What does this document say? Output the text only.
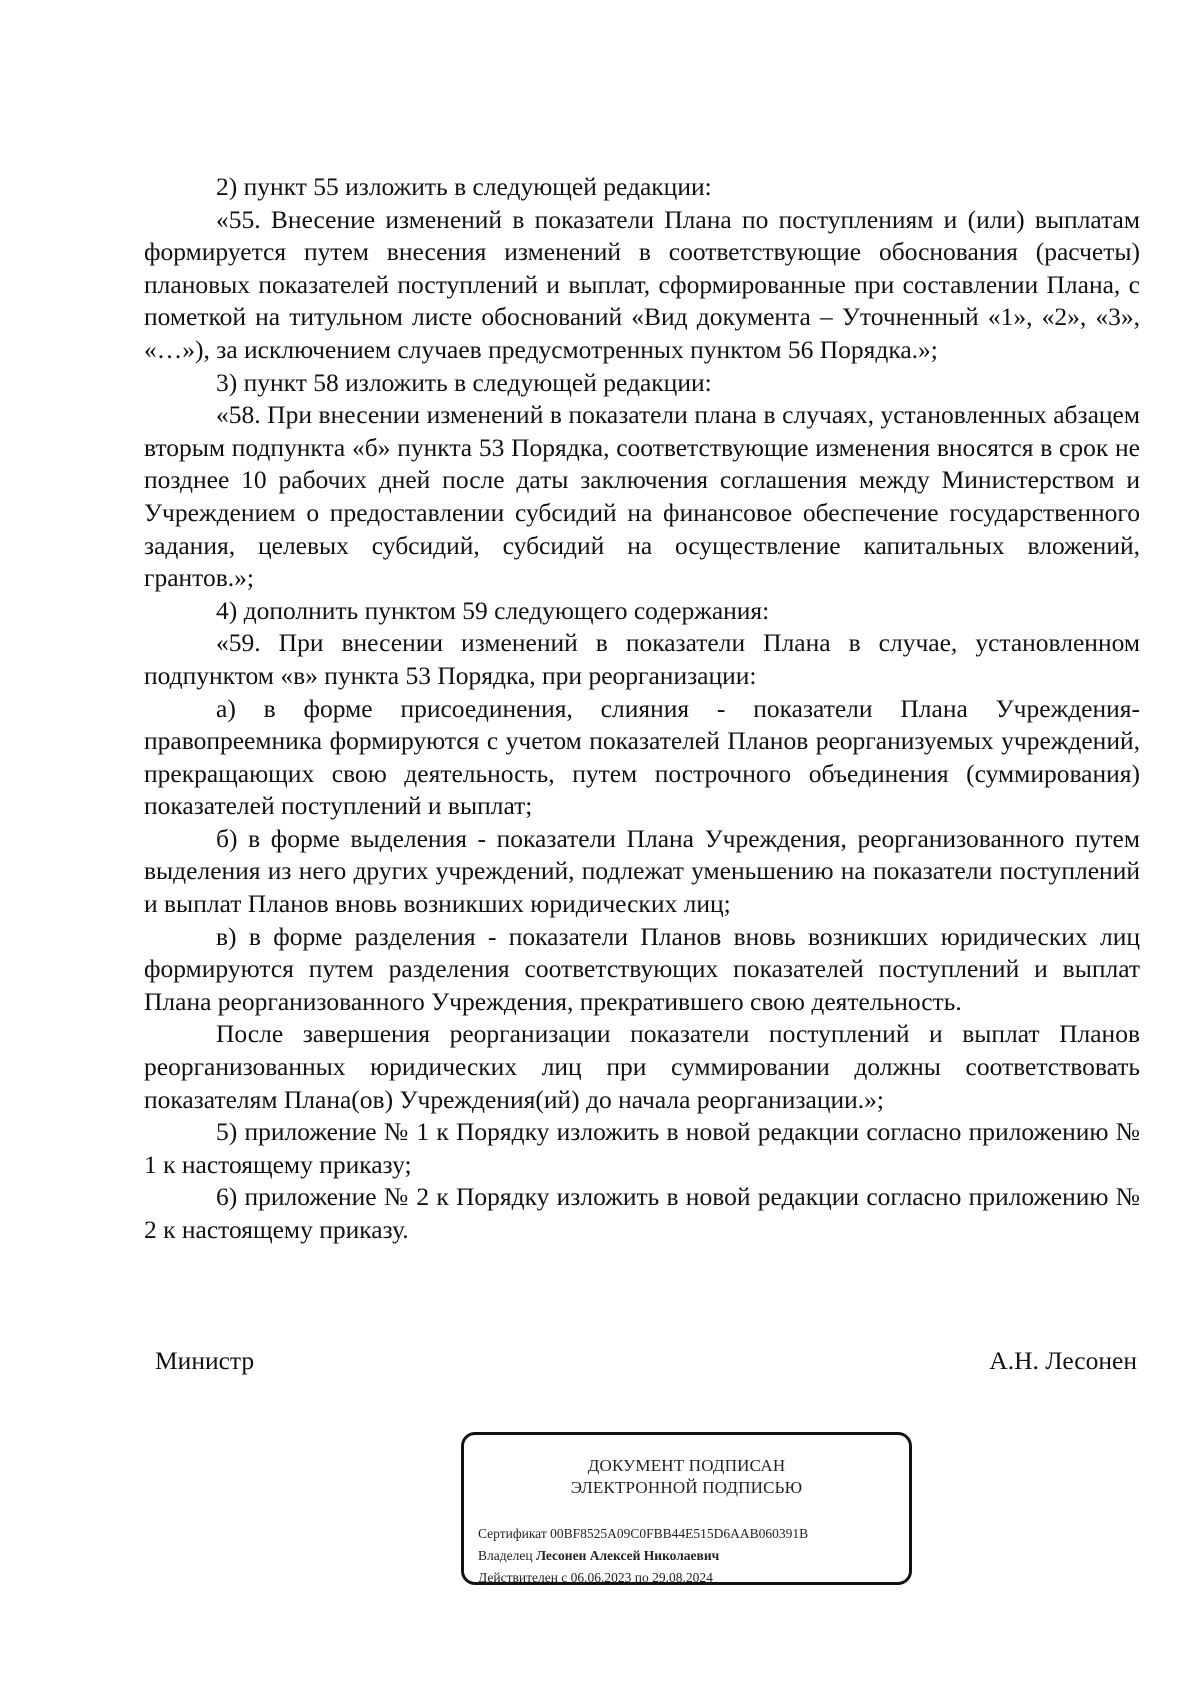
2) пункт 55 изложить в следующей редакции:

«55. Внесение изменений в показатели Плана по поступлениям и (или) выплатам формируется путем внесения изменений в соответствующие обоснования (расчеты) плановых показателей поступлений и выплат, сформированные при составлении Плана, с пометкой на титульном листе обоснований «Вид документа – Уточненный «1», «2», «3», «…»), за исключением случаев предусмотренных пунктом 56 Порядка.»;

3) пункт 58 изложить в следующей редакции:

«58. При внесении изменений в показатели плана в случаях, установленных абзацем вторым подпункта «б» пункта 53 Порядка, соответствующие изменения вносятся в срок не позднее 10 рабочих дней после даты заключения соглашения между Министерством и Учреждением о предоставлении субсидий на финансовое обеспечение государственного задания, целевых субсидий, субсидий на осуществление капитальных вложений, грантов.»;

4) дополнить пунктом 59 следующего содержания:

«59. При внесении изменений в показатели Плана в случае, установленном подпунктом «в» пункта 53 Порядка, при реорганизации:

а) в форме присоединения, слияния - показатели Плана Учреждения-правопреемника формируются с учетом показателей Планов реорганизуемых учреждений, прекращающих свою деятельность, путем построчного объединения (суммирования) показателей поступлений и выплат;

б) в форме выделения - показатели Плана Учреждения, реорганизованного путем выделения из него других учреждений, подлежат уменьшению на показатели поступлений и выплат Планов вновь возникших юридических лиц;

в) в форме разделения - показатели Планов вновь возникших юридических лиц формируются путем разделения соответствующих показателей поступлений и выплат Плана реорганизованного Учреждения, прекратившего свою деятельность.

После завершения реорганизации показатели поступлений и выплат Планов реорганизованных юридических лиц при суммировании должны соответствовать показателям Плана(ов) Учреждения(ий) до начала реорганизации.»;

5) приложение № 1 к Порядку изложить в новой редакции согласно приложению № 1 к настоящему приказу;

6) приложение № 2 к Порядку изложить в новой редакции согласно приложению № 2 к настоящему приказу.

Министр	А.Н. Лесонен
ДОКУМЕНТ ПОДПИСАН
ЭЛЕКТРОННОЙ ПОДПИСЬЮ
Сертификат 00BF8525A09C0FBB44E515D6AAB060391B
Владелец Лесонен Алексей Николаевич
Действителен с 06.06.2023 по 29.08.2024
